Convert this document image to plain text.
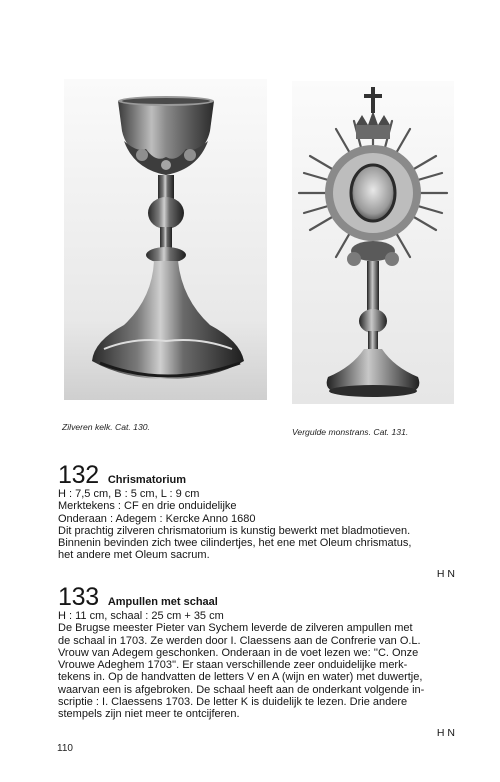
Zilveren kelk. Cat. 130.	Vergulde monstrans. Cat. 131.
132 Chrismatorium
H : 7,5 cm, B : 5 cm, L : 9 cm
Merktekens : CF en drie onduidelijke
Onderaan : Adegem : Kercke Anno 1680
Dit prachtig zilveren chrismatorium is kunstig bewerkt met bladmotieven.
Binnenin bevinden zich twee cilindertjes, het ene met Oleum chrismatus,
het andere met Oleum sacrum.
H N
133 Ampullen met schaal
H : 11 cm, schaal : 25 cm + 35 cm
De Brugse meester Pieter van Sychem leverde de zilveren ampullen met
de schaal in 1703. Ze werden door I. Claessens aan de Confrerie van O.L.
Vrouw van Adegem geschonken. Onderaan in de voet lezen we: ''C. Onze
Vrouwe Adeghem 1703''. Er staan verschillende zeer onduidelijke merk-
tekens in. Op de handvatten de letters V en A (wijn en water) met duwertje,
waarvan een is afgebroken. De schaal heeft aan de onderkant volgende in-
scriptie : I. Claessens 1703. De letter K is duidelijk te lezen. Drie andere
stempels zijn niet meer te ontcijferen.
H N
110
